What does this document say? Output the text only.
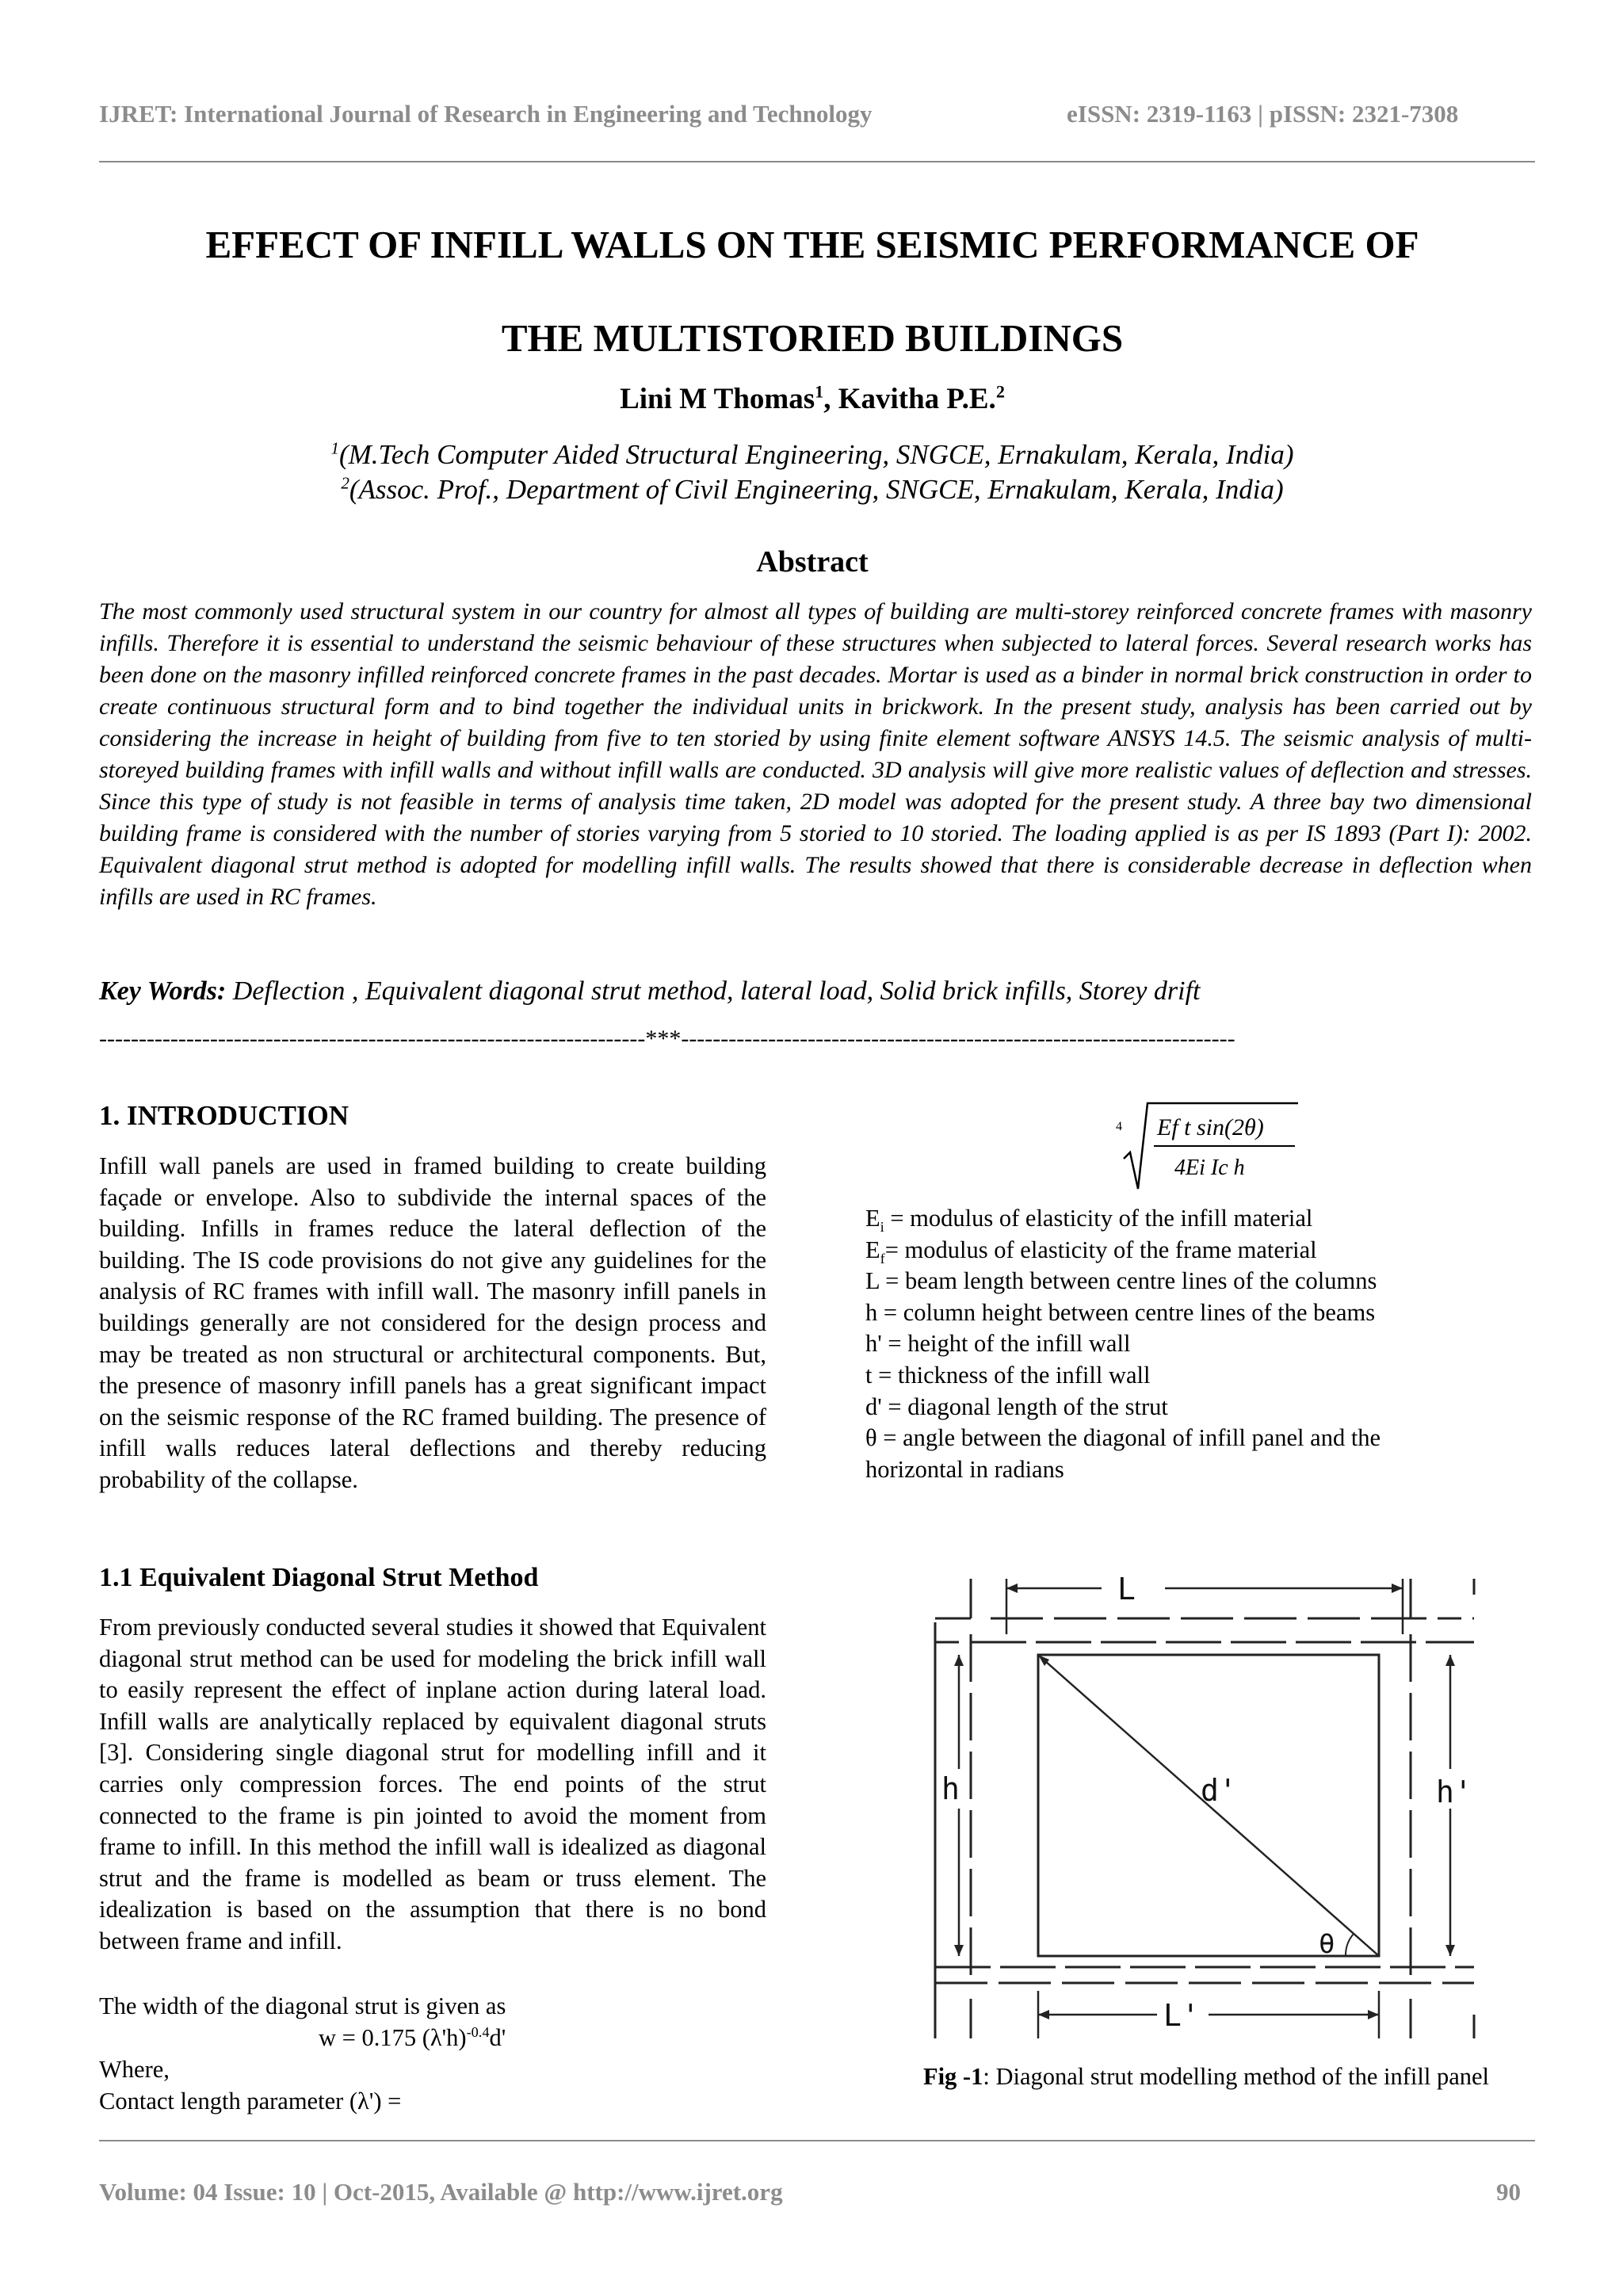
IJRET: International Journal of Research in Engineering and Technology	eISSN: 2319-1163 | pISSN: 2321-7308
EFFECT OF INFILL WALLS ON THE SEISMIC PERFORMANCE OF
THE MULTISTORIED BUILDINGS
Lini M Thomas$^1$, Kavitha P.E.$^2$
$^1$(M.Tech Computer Aided Structural Engineering, SNGCE, Ernakulam, Kerala, India)
$^2$(Assoc. Prof., Department of Civil Engineering, SNGCE, Ernakulam, Kerala, India)
Abstract
The most commonly used structural system in our country for almost all types of building are multi-storey reinforced concrete frames with masonry infills. Therefore it is essential to understand the seismic behaviour of these structures when subjected to lateral forces. Several research works has been done on the masonry infilled reinforced concrete frames in the past decades. Mortar is used as a binder in normal brick construction in order to create continuous structural form and to bind together the individual units in brickwork. In the present study, analysis has been carried out by considering the increase in height of building from five to ten storied by using finite element software ANSYS 14.5. The seismic analysis of multi-storeyed building frames with infill walls and without infill walls are conducted. 3D analysis will give more realistic values of deflection and stresses. Since this type of study is not feasible in terms of analysis time taken, 2D model was adopted for the present study. A three bay two dimensional building frame is considered with the number of stories varying from 5 storied to 10 storied. The loading applied is as per IS 1893 (Part I): 2002. Equivalent diagonal strut method is adopted for modelling infill walls. The results showed that there is considerable decrease in deflection when infills are used in RC frames.
Key Words: Deflection , Equivalent diagonal strut method, lateral load, Solid brick infills, Storey drift
---------------------------------------------------------------------***----------------------------------------------------------------------
1. INTRODUCTION
Infill wall panels are used in framed building to create building façade or envelope. Also to subdivide the internal spaces of the building. Infills in frames reduce the lateral deflection of the building. The IS code provisions do not give any guidelines for the analysis of RC frames with infill wall. The masonry infill panels in buildings generally are not considered for the design process and may be treated as non structural or architectural components. But, the presence of masonry infill panels has a great significant impact on the seismic response of the RC framed building. The presence of infill walls reduces lateral deflections and thereby reducing probability of the collapse.
1.1 Equivalent Diagonal Strut Method
From previously conducted several studies it showed that Equivalent diagonal strut method can be used for modeling the brick infill wall to easily represent the effect of inplane action during lateral load. Infill walls are analytically replaced by equivalent diagonal struts [3]. Considering single diagonal strut for modelling infill and it carries only compression forces. The end points of the strut connected to the frame is pin jointed to avoid the moment from frame to infill. In this method the infill wall is idealized as diagonal strut and the frame is modelled as beam or truss element. The idealization is based on the assumption that there is no bond between frame and infill.
The width of the diagonal strut is given as
w = 0.175 $(\lambda'h)^{-0.4}d'$
Where,
Contact length parameter (λ') =
4 Ef t sin(2θ)
4Ei Ic h
$E_i$ = modulus of elasticity of the infill material
$E_f=$ modulus of elasticity of the frame material
L = beam length between centre lines of the columns
h = column height between centre lines of the beams
h' = height of the infill wall
t = thickness of the infill wall
d' = diagonal length of the strut
θ = angle between the diagonal of infill panel and the
horizontal in radians
L
L'
h	h'
d'
θ
Fig -1: Diagonal strut modelling method of the infill panel
Volume: 04 Issue: 10 | Oct-2015, Available @ http://www.ijret.org	90
